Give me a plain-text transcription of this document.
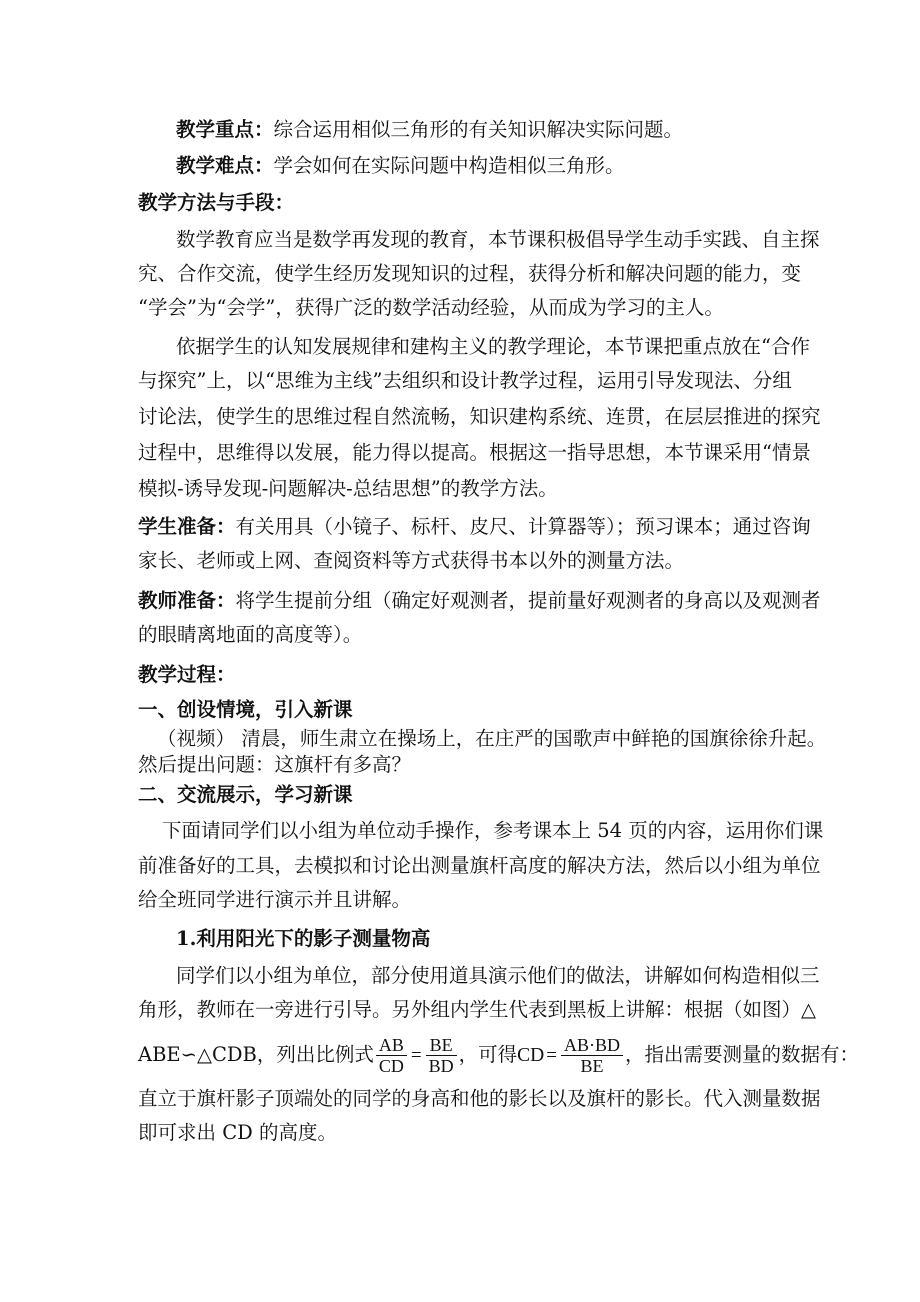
教学重点：综合运用相似三角形的有关知识解决实际问题。
教学难点：学会如何在实际问题中构造相似三角形。
教学方法与手段：
数学教育应当是数学再发现的教育，本节课积极倡导学生动手实践、自主探
究、合作交流，使学生经历发现知识的过程，获得分析和解决问题的能力，变
“学会”为“会学”，获得广泛的数学活动经验，从而成为学习的主人。
依据学生的认知发展规律和建构主义的教学理论，本节课把重点放在“合作
与探究”上，以“思维为主线”去组织和设计教学过程，运用引导发现法、分组
讨论法，使学生的思维过程自然流畅，知识建构系统、连贯，在层层推进的探究
过程中，思维得以发展，能力得以提高。根据这一指导思想，本节课采用“情景
模拟-诱导发现-问题解决-总结思想”的教学方法。
学生准备：有关用具（小镜子、标杆、皮尺、计算器等）；预习课本；通过咨询
家长、老师或上网、查阅资料等方式获得书本以外的测量方法。
教师准备：将学生提前分组（确定好观测者，提前量好观测者的身高以及观测者
的眼睛离地面的高度等）。
教学过程：
一、创设情境，引入新课
（视频） 清晨，师生肃立在操场上，在庄严的国歌声中鲜艳的国旗徐徐升起。
然后提出问题：这旗杆有多高？
二、交流展示，学习新课
下面请同学们以小组为单位动手操作，参考课本上 54 页的内容，运用你们课
前准备好的工具，去模拟和讨论出测量旗杆高度的解决方法，然后以小组为单位
给全班同学进行演示并且讲解。
1.利用阳光下的影子测量物高
同学们以小组为单位，部分使用道具演示他们的做法，讲解如何构造相似三
角形，教师在一旁进行引导。另外组内学生代表到黑板上讲解：根据（如图）△
ABE∽△CDB，列出比例式 $\frac{AB}{CD} = \frac{BE}{BD}$ ，可得CD = $\frac{AB\cdot BD}{BE}$ ，指出需要测量的数据有：
直立于旗杆影子顶端处的同学的身高和他的影长以及旗杆的影长。代入测量数据
即可求出 CD 的高度。
